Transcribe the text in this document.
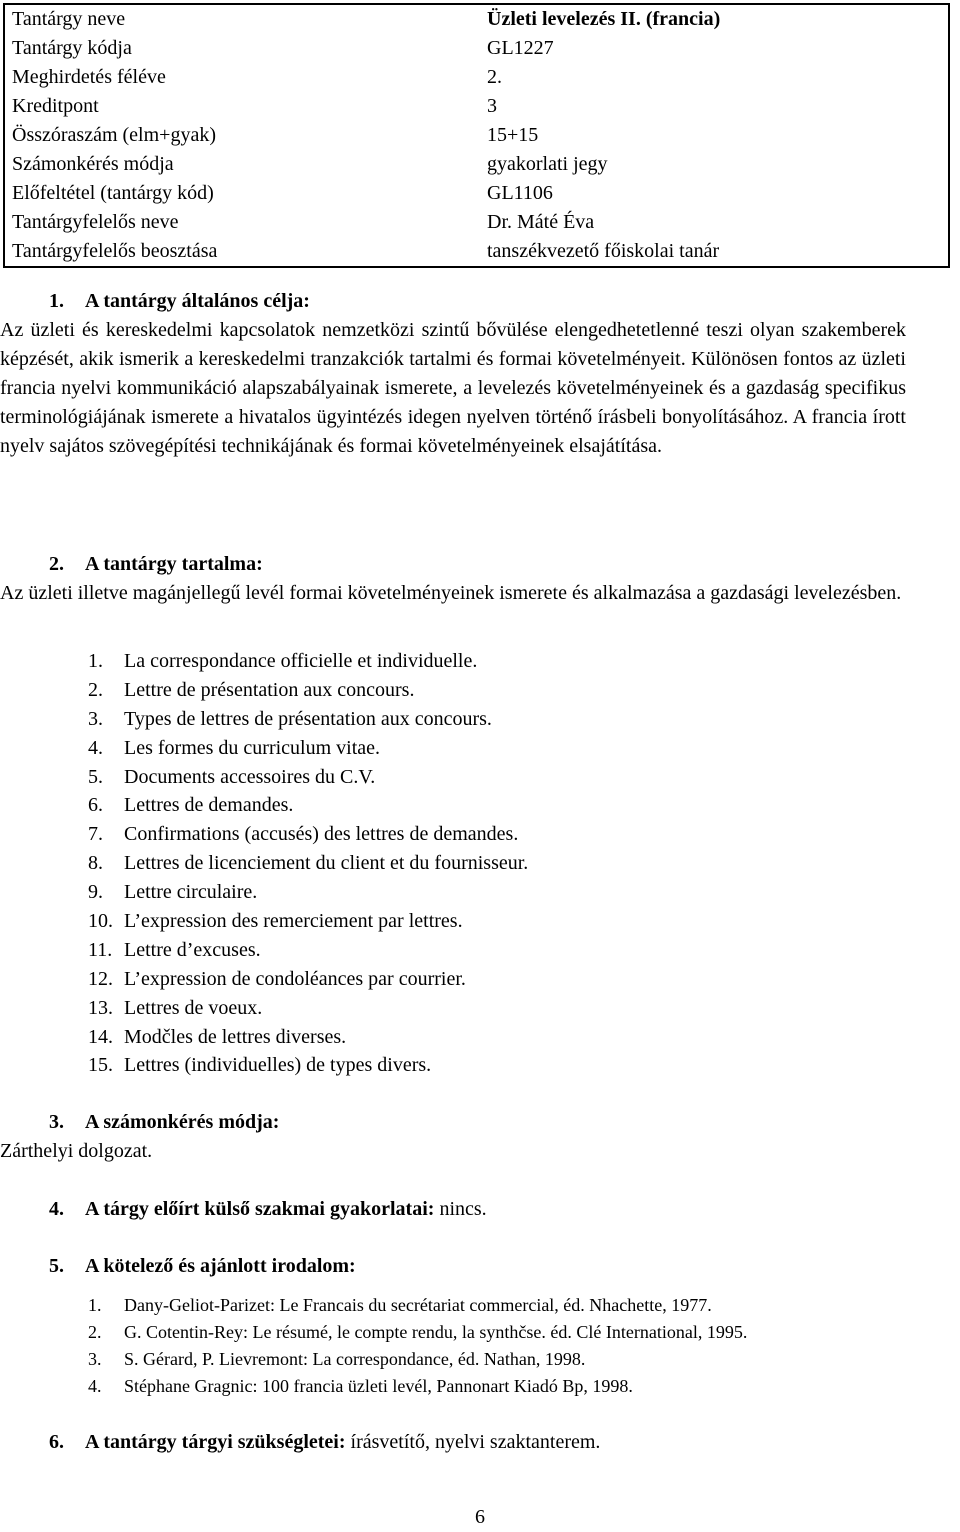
Tantárgy neve	Üzleti levelezés II. (francia)
Tantárgy kódja	GL1227
Meghirdetés féléve	2.
Kreditpont	3
Összóraszám (elm+gyak)	15+15
Számonkérés módja	gyakorlati jegy
Előfeltétel (tantárgy kód)	GL1106
Tantárgyfelelős neve	Dr. Máté Éva
Tantárgyfelelős beosztása	tanszékvezető főiskolai tanár
1. A tantárgy általános célja:
Az üzleti és kereskedelmi kapcsolatok nemzetközi szintű bővülése elengedhetetlenné teszi olyan szakemberek képzését, akik ismerik a kereskedelmi tranzakciók tartalmi és formai követelményeit. Különösen fontos az üzleti francia nyelvi kommunikáció alapszabályainak ismerete, a levelezés követelményeinek és a gazdaság specifikus terminológiájának ismerete a hivatalos ügyintézés idegen nyelven történő írásbeli bonyolításához. A francia írott nyelv sajátos szövegépítési technikájának és formai követelményeinek elsajátítása.
2. A tantárgy tartalma:
Az üzleti illetve magánjellegű levél formai követelményeinek ismerete és alkalmazása a gazdasági levelezésben.
1. La correspondance officielle et individuelle.
2. Lettre de présentation aux concours.
3. Types de lettres de présentation aux concours.
4. Les formes du curriculum vitae.
5. Documents accessoires du C.V.
6. Lettres de demandes.
7. Confirmations (accusés) des lettres de demandes.
8. Lettres de licenciement du client et du fournisseur.
9. Lettre circulaire.
10. L’expression des remerciement par lettres.
11. Lettre d’excuses.
12. L’expression de condoléances par courrier.
13. Lettres de voeux.
14. Modčles de lettres diverses.
15. Lettres (individuelles) de types divers.
3. A számonkérés módja:
Zárthelyi dolgozat.
4. A tárgy előírt külső szakmai gyakorlatai: nincs.
5. A kötelező és ajánlott irodalom:
1. Dany-Geliot-Parizet: Le Francais du secrétariat commercial, éd. Nhachette, 1977.
2. G. Cotentin-Rey: Le résumé, le compte rendu, la synthčse. éd. Clé International, 1995.
3. S. Gérard, P. Lievremont: La correspondance, éd. Nathan, 1998.
4. Stéphane Gragnic: 100 francia üzleti levél, Pannonart Kiadó Bp, 1998.
6. A tantárgy tárgyi szükségletei: írásvetítő, nyelvi szaktanterem.
6
